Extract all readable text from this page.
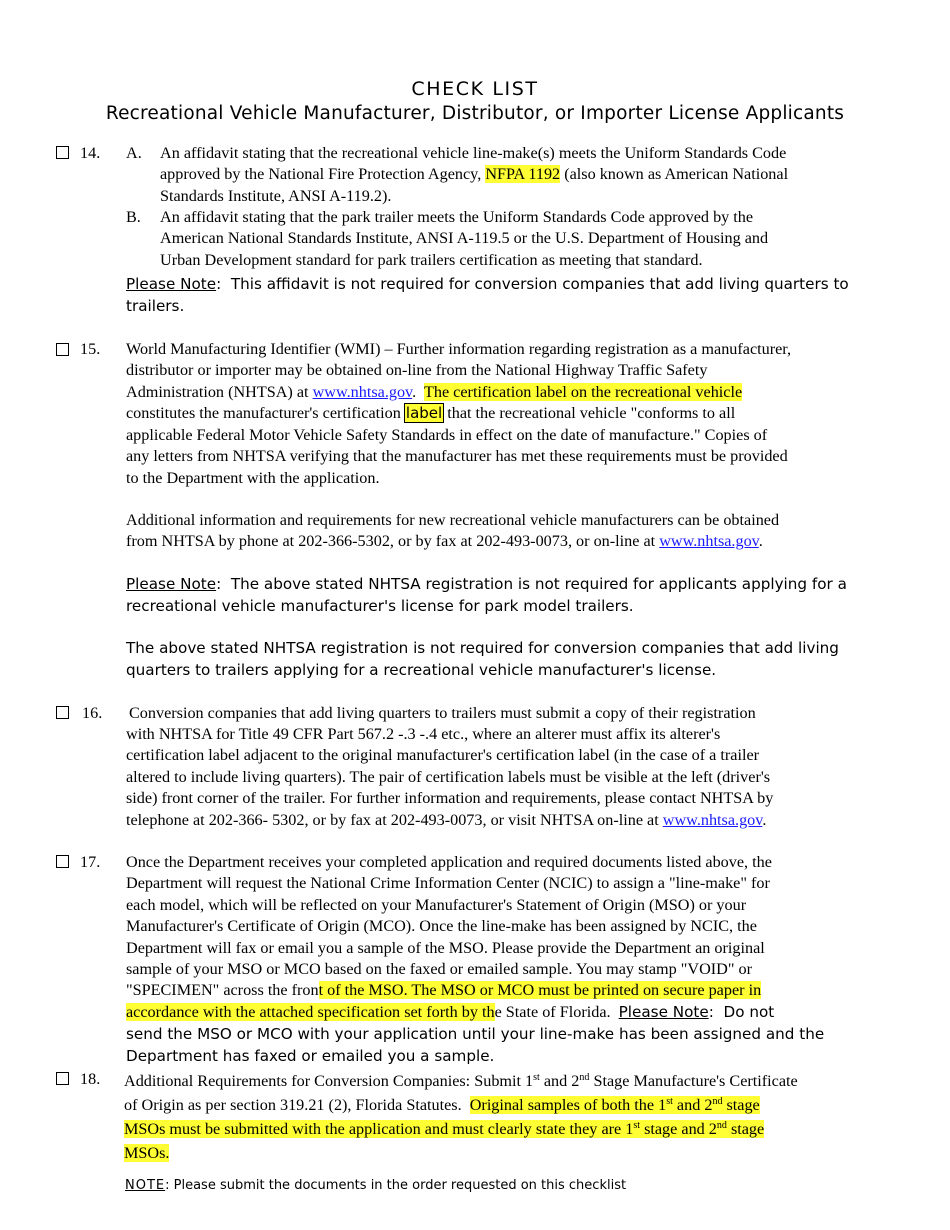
CHECK LIST
Recreational Vehicle Manufacturer, Distributor, or Importer License Applicants
14. A. An affidavit stating that the recreational vehicle line-make(s) meets the Uniform Standards Code
approved by the National Fire Protection Agency, NFPA 1192 (also known as American National
Standards Institute, ANSI A-119.2).
B. An affidavit stating that the park trailer meets the Uniform Standards Code approved by the
American National Standards Institute, ANSI A-119.5 or the U.S. Department of Housing and
Urban Development standard for park trailers certification as meeting that standard.
Please Note:  This affidavit is not required for conversion companies that add living quarters to
trailers.
15. World Manufacturing Identifier (WMI) – Further information regarding registration as a manufacturer,
distributor or importer may be obtained on-line from the National Highway Traffic Safety
Administration (NHTSA) at www.nhtsa.gov.  The certification label on the recreational vehicle
constitutes the manufacturer's certification label that the recreational vehicle "conforms to all
applicable Federal Motor Vehicle Safety Standards in effect on the date of manufacture." Copies of
any letters from NHTSA verifying that the manufacturer has met these requirements must be provided
to the Department with the application.
Additional information and requirements for new recreational vehicle manufacturers can be obtained
from NHTSA by phone at 202-366-5302, or by fax at 202-493-0073, or on-line at www.nhtsa.gov.
Please Note:  The above stated NHTSA registration is not required for applicants applying for a
recreational vehicle manufacturer's license for park model trailers.
The above stated NHTSA registration is not required for conversion companies that add living
quarters to trailers applying for a recreational vehicle manufacturer's license.
16. Conversion companies that add living quarters to trailers must submit a copy of their registration
with NHTSA for Title 49 CFR Part 567.2 -.3 -.4 etc., where an alterer must affix its alterer's
certification label adjacent to the original manufacturer's certification label (in the case of a trailer
altered to include living quarters). The pair of certification labels must be visible at the left (driver's
side) front corner of the trailer. For further information and requirements, please contact NHTSA by
telephone at 202-366- 5302, or by fax at 202-493-0073, or visit NHTSA on-line at www.nhtsa.gov.
17. Once the Department receives your completed application and required documents listed above, the
Department will request the National Crime Information Center (NCIC) to assign a "line-make" for
each model, which will be reflected on your Manufacturer's Statement of Origin (MSO) or your
Manufacturer's Certificate of Origin (MCO). Once the line-make has been assigned by NCIC, the
Department will fax or email you a sample of the MSO. Please provide the Department an original
sample of your MSO or MCO based on the faxed or emailed sample. You may stamp "VOID" or
"SPECIMEN" across the front of the MSO. The MSO or MCO must be printed on secure paper in
accordance with the attached specification set forth by the State of Florida. Please Note:  Do not
send the MSO or MCO with your application until your line-make has been assigned and the
Department has faxed or emailed you a sample.
18. Additional Requirements for Conversion Companies: Submit 1st and 2nd Stage Manufacture's Certificate
of Origin as per section 319.21 (2), Florida Statutes. Original samples of both the 1st and 2nd stage
MSOs must be submitted with the application and must clearly state they are 1st stage and 2nd stage
MSOs.
NOTE: Please submit the documents in the order requested on this checklist
